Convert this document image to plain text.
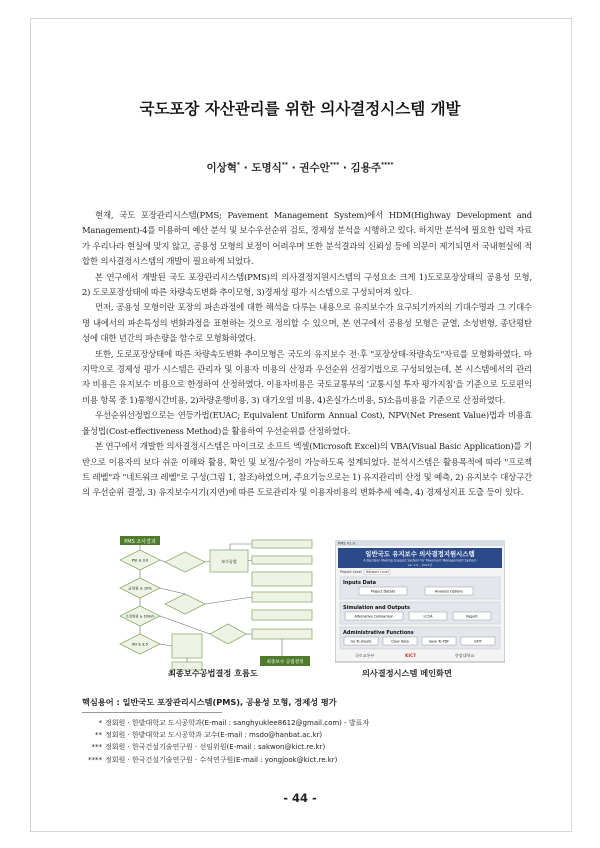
국도포장 자산관리를 위한 의사결정시스템 개발
이상혁* · 도명식** · 권수안*** · 김용주****

현재, 국도 포장관리시스템(PMS; Pavement Management System)에서 HDM(Highway Development and Management)-4를 이용하여 예산 분석 및 보수우선순위 검토, 경제성 분석을 시행하고 있다. 하지만 분석에 필요한 입력 자료가 우리나라 현실에 맞지 않고, 공용성 모형의 보정이 어려우며 또한 분석결과의 신뢰성 등에 의문이 제기되면서 국내현실에 적합한 의사결정시스템의 개발이 필요하게 되었다.

본 연구에서 개발된 국도 포장관리시스템(PMS)의 의사결정지원시스템의 구성요소 크게 1)도로포장상태의 공용성 모형, 2) 도로포장상태에 따른 차량속도변화 추이모형, 3)경제성 평가 시스템으로 구성되어져 있다.

먼저, 공용성 모형이란 포장의 파손과정에 대한 해석을 다루는 내용으로 유지보수가 요구되기까지의 기대수명과 그 기대수명 내에서의 파손특성의 변화과정을 표현하는 것으로 정의할 수 있으며, 본 연구에서 공용성 모형은 균열, 소성변형, 종단평탄성에 대한 년간의 파손량을 함수로 모형화하였다.

또한, 도로포장상태에 따른 차량속도변화 추이모형은 국도의 유지보수 전·후 "포장상태-차량속도"자료를 모형화하였다. 마지막으로 경제성 평가 시스템은 관리자 및 이용자 비용의 산정과 우선순위 선정기법으로 구성되었는데, 본 시스템에서의 관리자 비용은 유지보수 비용으로 한정하여 산정하였다. 이용자비용은 국토교통부의 '교통시설 투자 평가지침'을 기준으로 도로편익비용 항목 중 1)통행시간비용, 2)차량운행비용, 3) 대기오염 비용, 4)온실가스비용, 5)소음비용을 기준으로 산정하였다.

우선순위선정법으로는 연등가법(EUAC; Equivalent Uniform Annual Cost), NPV(Net Present Value)법과 비용효율성법(Cost-effectiveness Method)을 활용하여 우선순위를 산정하였다.

본 연구에서 개발한 의사결정시스템은 마이크로 소프트 엑셀(Microsoft Excel)의 VBA(Visual Basic Application)를 기반으로 이용자의 보다 쉬운 이해와 활용, 확인 및 보정/수정이 가능하도록 설계되었다. 분석시스템은 활용목적에 따라 "프로젝트 레벨"과 "네트워크 레벨"로 구성(그림 1, 참조)하였으며, 주요기능으로는 1) 유지관리비 산정 및 예측, 2) 유지보수 대상구간의 우선순위 결정, 3) 유지보수시기(지연)에 따른 도로관리자 및 이용자비용의 변화추세 예측, 4) 경제성지표 도출 등이 있다.

PMS 조사결과
최종보수 공법결정
PSI ≥ 3.0
균열률 ≥ 10%
소성변형 ≥ 10mm
IRI ≥ 3.5
보수공법
최종보수공법결정 흐름도
PMS V1.0
일반국도 유지보수 의사결정지원시스템
A Decision Making Support System for Pavement Management System
ver 1.0 _ 2013년
Project Level Network Level
Inputs Data
Project Details	Analysis Options
Simulation and Outputs
Alternative Comparison	LCCA	Report
Administrative Functions
Go To sheets	Clear Data	Save To PDF	EXIT
국토교통부	KICT	한밭대학교
의사결정시스템 메인화면
핵심용어 : 일반국도 포장관리시스템(PMS), 공용성 모형, 경제성 평가
* 정회원 · 한밭대학교 도시공학과(E-mail : sanghyuklee8612@gmail.com) - 발표자
** 정회원 · 한밭대학교 도시공학과 교수(E-mail : msdo@hanbat.ac.kr)
*** 정회원 · 한국건설기술연구원 · 선임위원(E-mail : sakwon@kict.re.kr)
**** 정회원 · 한국건설기술연구원 · 수석연구원(E-mail : yongjook@kict.re.kr)
- 44 -
